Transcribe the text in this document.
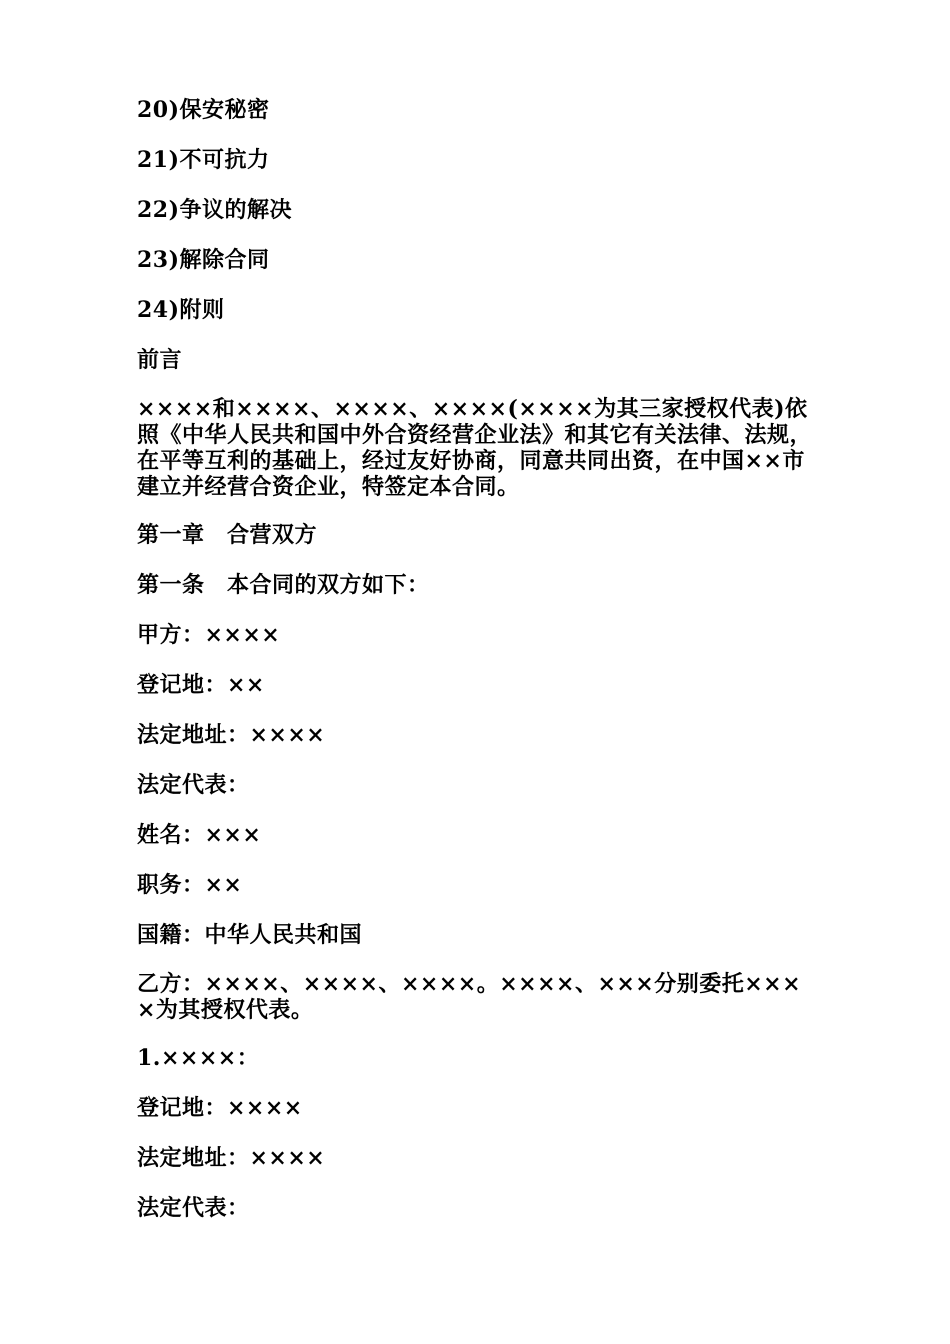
20)保安秘密

21)不可抗力

22)争议的解决

23)解除合同

24)附则

前言

××××和××××、××××、××××(××××为其三家授权代表)依照《中华人民共和国中外合资经营企业法》和其它有关法律、法规，在平等互利的基础上，经过友好协商，同意共同出资，在中国××市建立并经营合资企业，特签定本合同。

第一章　合营双方

第一条　本合同的双方如下：

甲方：××××

登记地：××

法定地址：××××

法定代表：

姓名：×××

职务：××

国籍：中华人民共和国

乙方：××××、××××、××××。××××、×××分别委托××××为其授权代表。

1.××××：

登记地：××××

法定地址：××××

法定代表：
